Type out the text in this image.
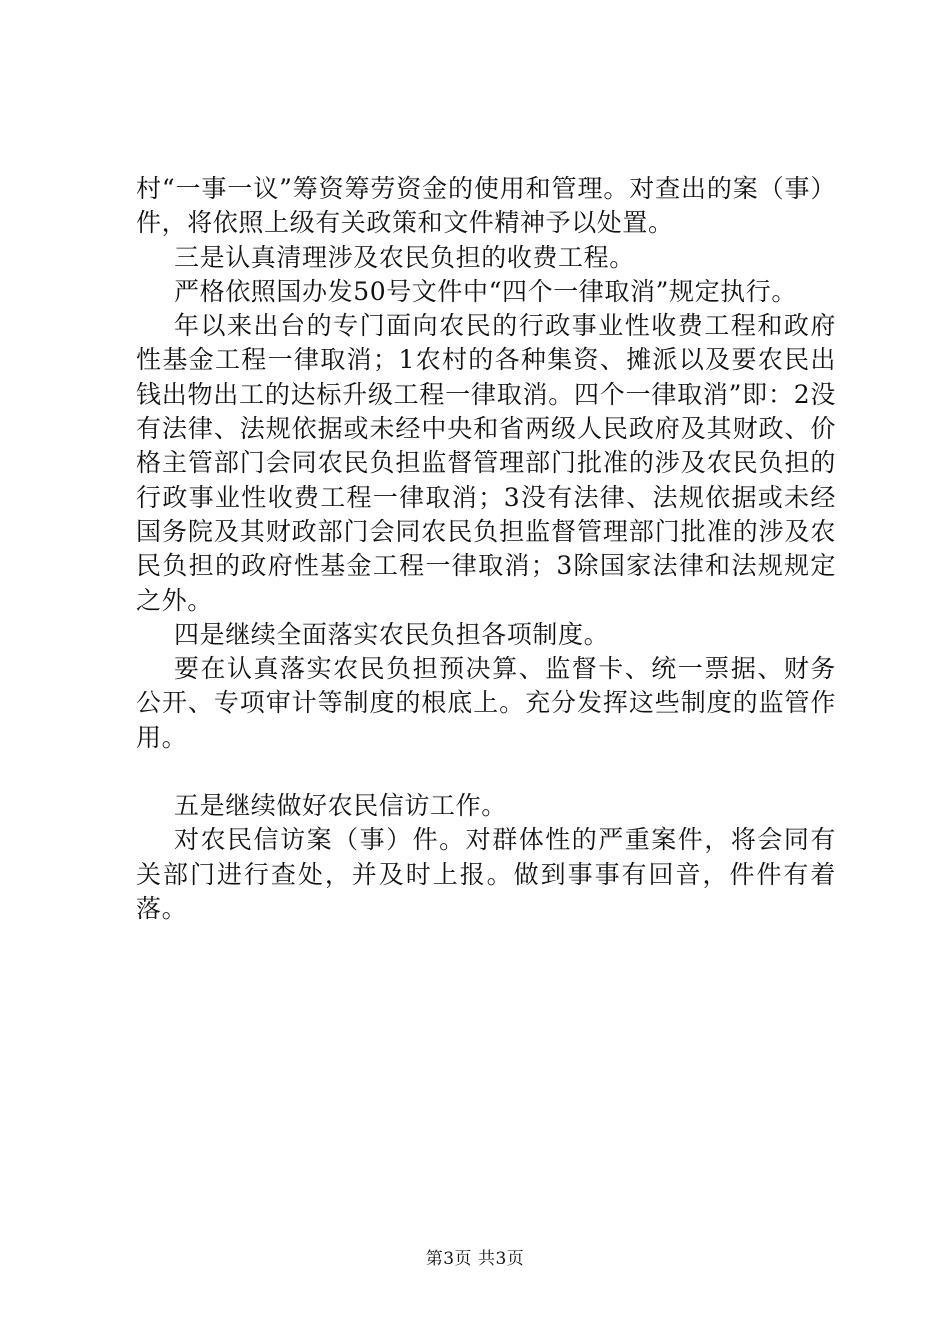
村“一事一议”筹资筹劳资金的使用和管理。对查出的案（事）件，将依照上级有关政策和文件精神予以处置。

三是认真清理涉及农民负担的收费工程。

严格依照国办发50号文件中“四个一律取消”规定执行。

年以来出台的专门面向农民的行政事业性收费工程和政府性基金工程一律取消；1农村的各种集资、摊派以及要农民出钱出物出工的达标升级工程一律取消。四个一律取消”即：2没有法律、法规依据或未经中央和省两级人民政府及其财政、价格主管部门会同农民负担监督管理部门批准的涉及农民负担的行政事业性收费工程一律取消；3没有法律、法规依据或未经国务院及其财政部门会同农民负担监督管理部门批准的涉及农民负担的政府性基金工程一律取消；3除国家法律和法规规定之外。

四是继续全面落实农民负担各项制度。

要在认真落实农民负担预决算、监督卡、统一票据、财务公开、专项审计等制度的根底上。充分发挥这些制度的监管作用。

五是继续做好农民信访工作。

对农民信访案（事）件。对群体性的严重案件，将会同有关部门进行查处，并及时上报。做到事事有回音，件件有着落。

第3页 共3页
